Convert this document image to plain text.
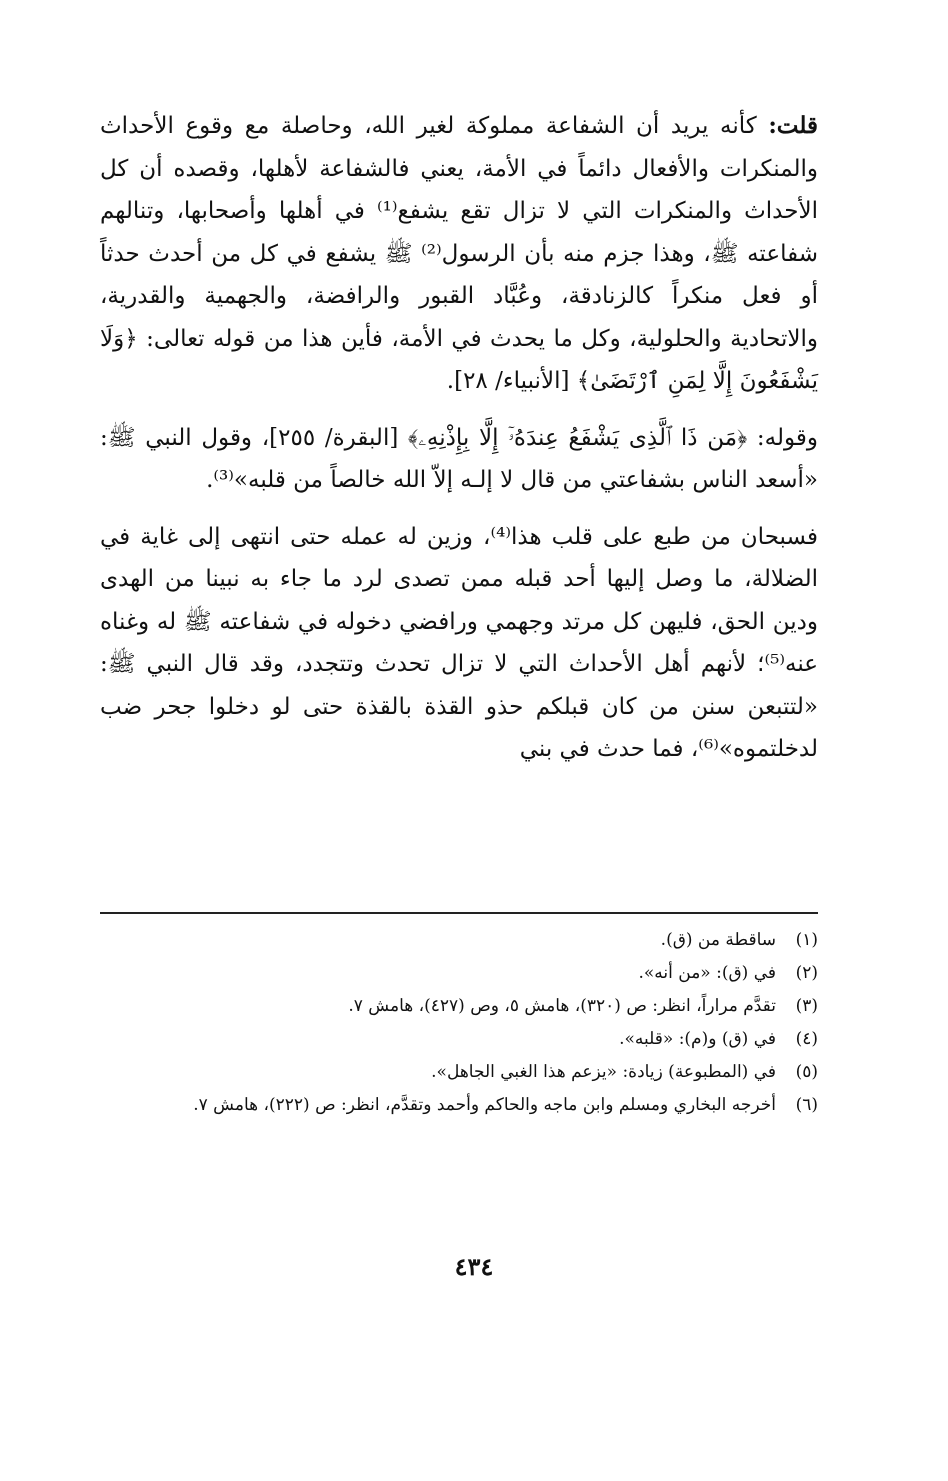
قلت: كأنه يريد أن الشفاعة مملوكة لغير الله، وحاصلة مع وقوع الأحداث والمنكرات والأفعال دائماً في الأمة، يعني فالشفاعة لأهلها، وقصده أن كل الأحداث والمنكرات التي لا تزال تقع يشفع⁽¹⁾ في أهلها وأصحابها، وتنالهم شفاعته ﷺ، وهذا جزم منه بأن الرسول⁽²⁾ ﷺ يشفع في كل من أحدث حدثاً أو فعل منكراً كالزنادقة، وعُبَّاد القبور والرافضة، والجهمية والقدرية، والاتحادية والحلولية، وكل ما يحدث في الأمة، فأين هذا من قوله تعالى: ﴿وَلَا يَشْفَعُونَ إِلَّا لِمَنِ ٱرْتَضَىٰ﴾ [الأنبياء/ ٢٨].

وقوله: ﴿مَن ذَا ٱلَّذِى يَشْفَعُ عِندَهُۥٓ إِلَّا بِإِذْنِهِۦ﴾ [البقرة/ ٢٥٥]، وقول النبي ﷺ: «أسعد الناس بشفاعتي من قال لا إلـه إلاّ الله خالصاً من قلبه»⁽³⁾.

فسبحان من طبع على قلب هذا⁽⁴⁾، وزين له عمله حتى انتهى إلى غاية في الضلالة، ما وصل إليها أحد قبله ممن تصدى لرد ما جاء به نبينا من الهدى ودين الحق، فليهن كل مرتد وجهمي ورافضي دخوله في شفاعته ﷺ له وغناه عنه⁽⁵⁾؛ لأنهم أهل الأحداث التي لا تزال تحدث وتتجدد، وقد قال النبي ﷺ: «لتتبعن سنن من كان قبلكم حذو القذة بالقذة حتى لو دخلوا جحر ضب لدخلتموه»⁽⁶⁾، فما حدث في بني

(١)
ساقطة من (ق).
(٢)
في (ق): «من أنه».
(٣)
تقدَّم مراراً، انظر: ص (٣٢٠)، هامش ٥، وص (٤٢٧)، هامش ٧.
(٤)
في (ق) و(م): «قلبه».
(٥)
في (المطبوعة) زيادة: «يزعم هذا الغبي الجاهل».
(٦)
أخرجه البخاري ومسلم وابن ماجه والحاكم وأحمد وتقدَّم، انظر: ص (٢٢٢)، هامش ٧.
٤٣٤
